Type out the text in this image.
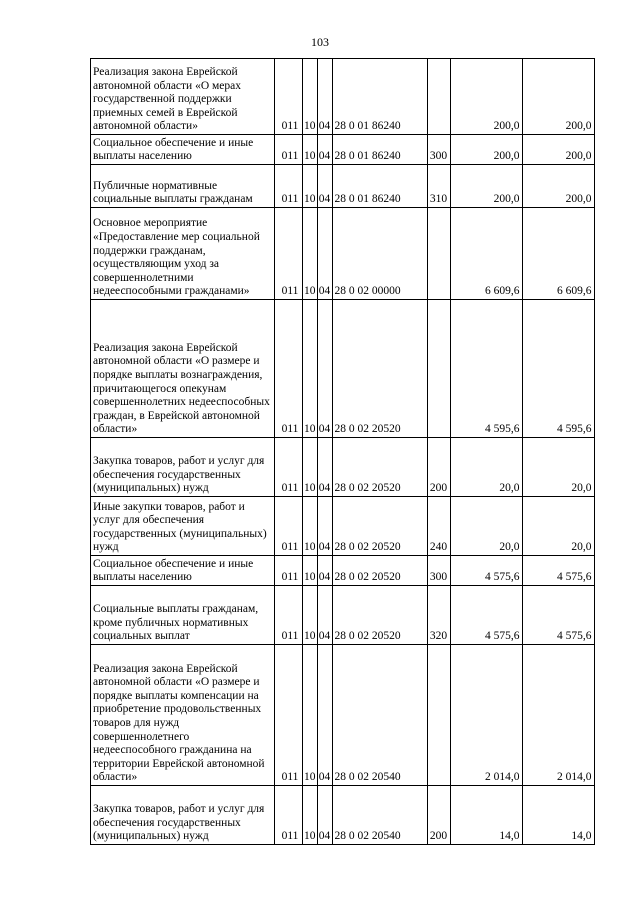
103
Реализация закона Еврейской автономной области «О мерах государственной поддержки приемных семей в Еврейской автономной области»	011	10	04	28 0 01 86240		200,0	200,0
Социальное обеспечение и иные выплаты населению	011	10	04	28 0 01 86240	300	200,0	200,0
Публичные нормативные социальные выплаты гражданам	011	10	04	28 0 01 86240	310	200,0	200,0
Основное мероприятие «Предоставление мер социальной поддержки гражданам, осуществляющим уход за совершеннолетними недееспособными гражданами»	011	10	04	28 0 02 00000		6 609,6	6 609,6
Реализация закона Еврейской автономной области «О размере и порядке выплаты вознаграждения, причитающегося опекунам совершеннолетних недееспособных граждан, в Еврейской автономной области»	011	10	04	28 0 02 20520		4 595,6	4 595,6
Закупка товаров, работ и услуг для обеспечения государственных (муниципальных) нужд	011	10	04	28 0 02 20520	200	20,0	20,0
Иные закупки товаров, работ и услуг для обеспечения государственных (муниципальных) нужд	011	10	04	28 0 02 20520	240	20,0	20,0
Социальное обеспечение и иные выплаты населению	011	10	04	28 0 02 20520	300	4 575,6	4 575,6
Социальные выплаты гражданам, кроме публичных нормативных социальных выплат	011	10	04	28 0 02 20520	320	4 575,6	4 575,6
Реализация закона Еврейской автономной области «О размере и порядке выплаты компенсации на приобретение продовольственных товаров для нужд совершеннолетнего недееспособного гражданина на территории Еврейской автономной области»	011	10	04	28 0 02 20540		2 014,0	2 014,0
Закупка товаров, работ и услуг для обеспечения государственных (муниципальных) нужд	011	10	04	28 0 02 20540	200	14,0	14,0
